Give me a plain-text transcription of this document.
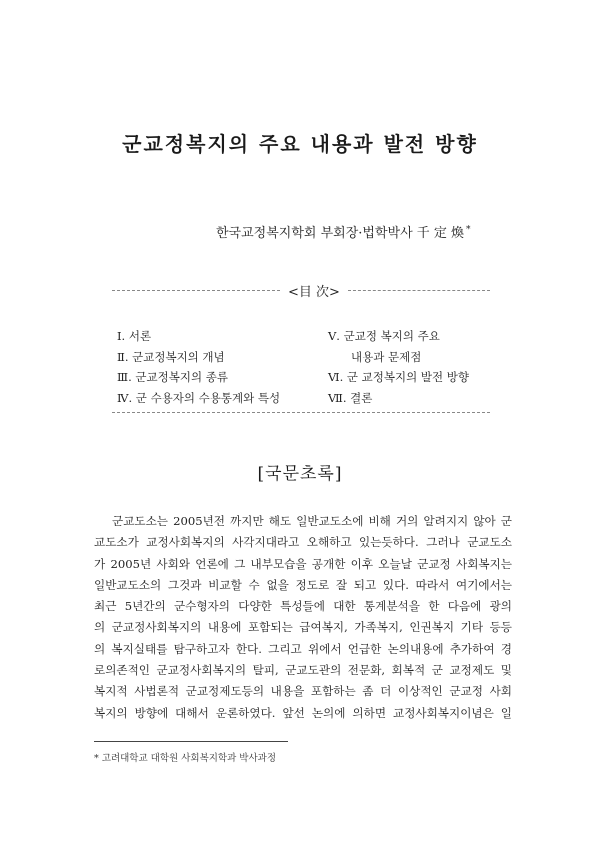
군교정복지의 주요 내용과 발전 방향
한국교정복지학회 부회장·법학박사 千 定 煥 *
<目 次>
Ⅰ. 서론
Ⅱ. 군교정복지의 개념
Ⅲ. 군교정복지의 종류
Ⅳ. 군 수용자의 수용통계와 특성
Ⅴ. 군교정 복지의 주요
　　내용과 문제점
Ⅵ. 군 교정복지의 발전 방향
Ⅶ. 결론
[국문초록]
군교도소는 2005년전 까지만 해도 일반교도소에 비해 거의 알려지지 않아 군
교도소가 교정사회복지의 사각지대라고 오해하고 있는듯하다. 그러나 군교도소
가 2005년 사회와 언론에 그 내부모습을 공개한 이후 오늘날 군교정 사회복지는
일반교도소의 그것과 비교할 수 없을 정도로 잘 되고 있다. 따라서 여기에서는
최근 5년간의 군수형자의 다양한 특성들에 대한 통계분석을 한 다음에 광의
의 군교정사회복지의 내용에 포함되는 급여복지, 가족복지, 인권복지 기타 등등
의 복지실태를 탐구하고자 한다. 그리고 위에서 언급한 논의내용에 추가하여 경
로의존적인 군교정사회복지의 탈피, 군교도관의 전문화, 회복적 군 교정제도 및
복지적 사법론적 군교정제도등의 내용을 포함하는 좀 더 이상적인 군교정 사회
복지의 방향에 대해서 운론하였다. 앞선 논의에 의하면 교정사회복지이념은 일
* 고려대학교 대학원 사회복지학과 박사과정
